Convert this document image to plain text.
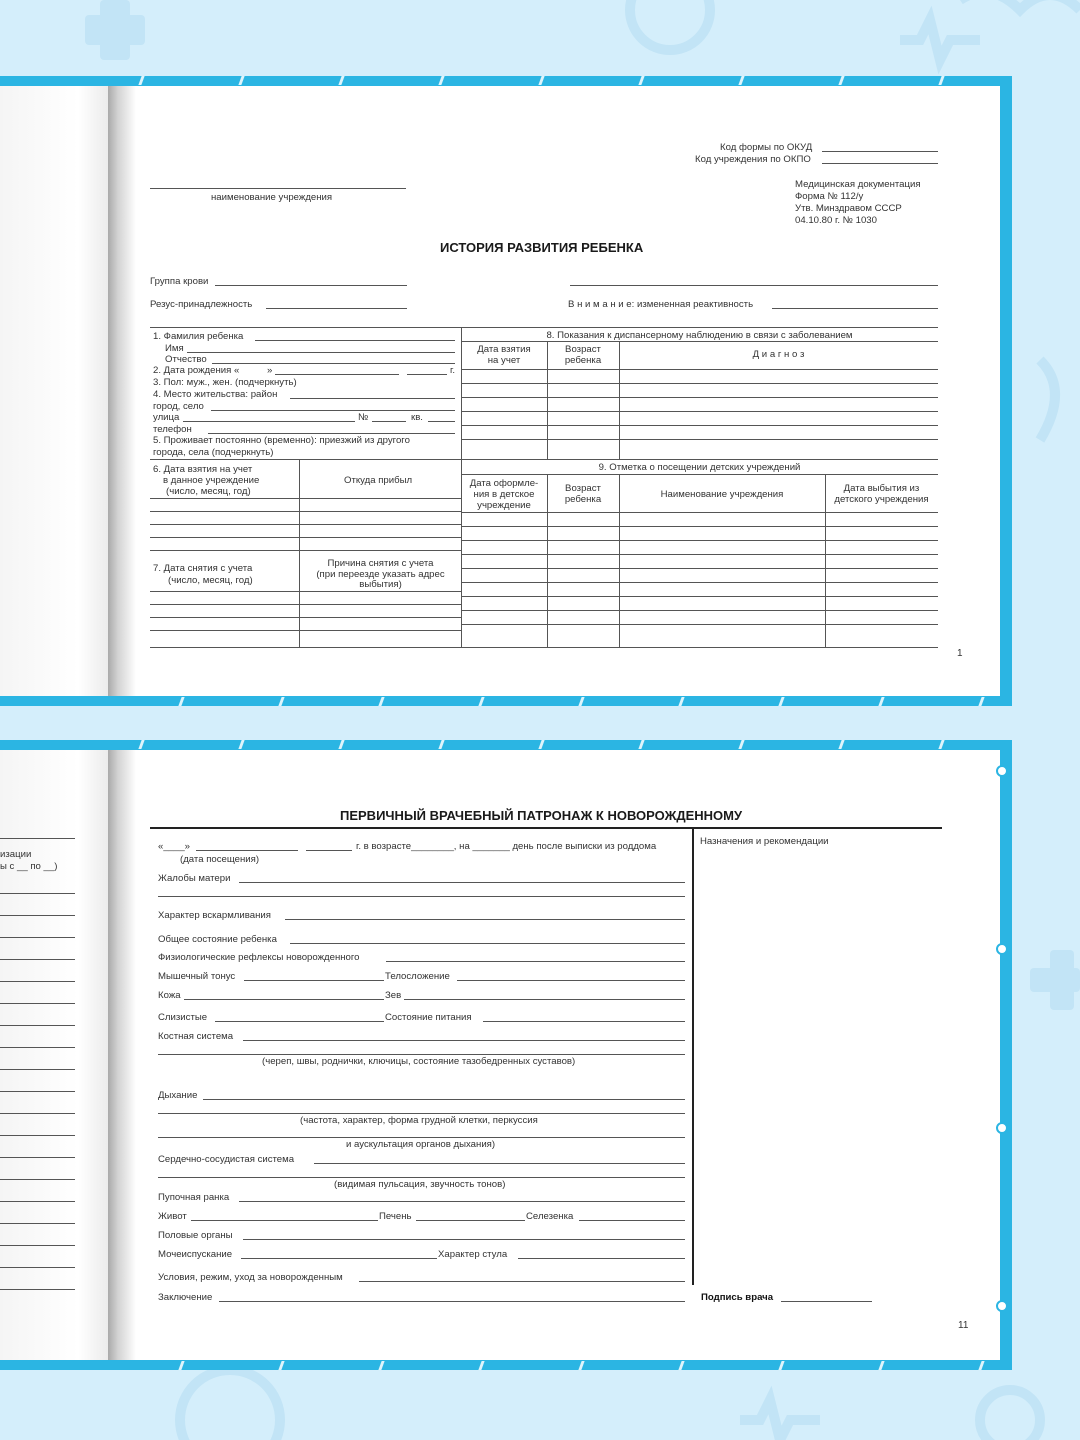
Код формы по ОКУД
Код учреждения по ОКПО
наименование учреждения
Медицинская документация
Форма № 112/у
Утв. Минздравом СССР
04.10.80 г. № 1030
ИСТОРИЯ РАЗВИТИЯ РЕБЕНКА
Группа крови
Резус-принадлежность	В н и м а н и е: измененная реактивность
1. Фамилия ребенка
Имя
Отчество
2. Дата рождения «	»	г.
3. Пол: муж., жен. (подчеркнуть)
4. Место жительства: район
город, село
улица	№	кв.
телефон
5. Проживает постоянно (временно): приезжий из другого
города, села (подчеркнуть)
6. Дата взятия на учет
в данное учреждение
(число, месяц, год)
Откуда прибыл
7. Дата снятия с учета
(число, месяц, год)
Причина снятия с учета
(при переезде указать адрес
выбытия)
8. Показания к диспансерному наблюдению в связи с заболеванием
Дата взятия
на учет
Возраст
ребенка
Д и а г н о з
9. Отметка о посещении детских учреждений
Дата оформле-
ния в детское
учреждение
Возраст
ребенка	Наименование учреждения
Дата выбытия из
детского учреждения
1
изации
ы с __ по __)
ПЕРВИЧНЫЙ ВРАЧЕБНЫЙ ПАТРОНАЖ К НОВОРОЖДЕННОМУ
Назначения и рекомендации
«____»	г. в возрасте________, на _______ день после выписки из роддома
(дата посещения)
Жалобы матери
Характер вскармливания
Общее состояние ребенка
Физиологические рефлексы новорожденного
Мышечный тонус	Телосложение
Кожа	Зев
Слизистые	Состояние питания
Костная система
(череп, швы, роднички, ключицы, состояние тазобедренных суставов)
Дыхание
(частота, характер, форма грудной клетки, перкуссия
и аускультация органов дыхания)
Сердечно-сосудистая система
(видимая пульсация, звучность тонов)
Пупочная ранка
Живот	Печень	Селезенка
Половые органы
Мочеиспускание	Характер стула
Условия, режим, уход за новорожденным
Заключение	Подпись врача
11
